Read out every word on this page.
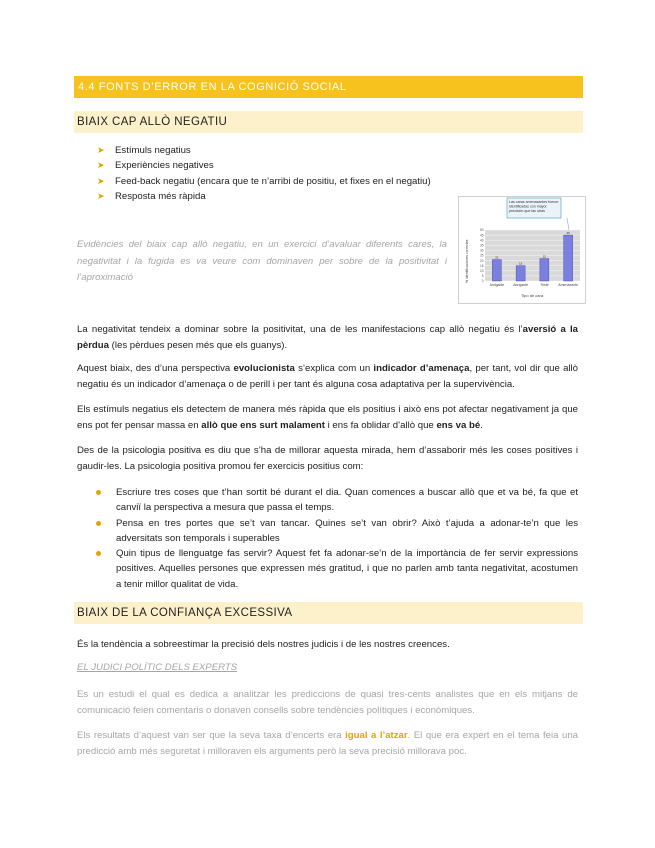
4.4 FONTS D’ERROR EN LA COGNICIÓ SOCIAL
BIAIX CAP ALLÒ NEGATIU
➤ Estímuls negatius
➤ Experiències negatives
➤ Feed-back negatiu (encara que te n’arribi de positiu, et fixes en el negatiu)
➤ Resposta més ràpida

Evidències del biaix cap allò negatiu, en un exercici d’avaluar diferents cares, la negativitat i la fugida es va veure com dominaven per sobre de la positivitat i l’aproximació

Las caras amenazantes fueron identificadas con mayor precisión que las otras
0
5
10
15
20
25
30
35
40
45
50
21
15
22
45
Amigable	Abrigante	Triste	Amenazante
% identificaciones correctas
Tipo de cara

La negativitat tendeix a dominar sobre la positivitat, una de les manifestacions cap allò negatiu és l’aversió a la pèrdua (les pèrdues pesen més que els guanys).

Aquest biaix, des d’una perspectiva evolucionista s’explica com un indicador d’amenaça, per tant, vol dir que allò negatiu és un indicador d’amenaça o de perill i per tant és alguna cosa adaptativa per la supervivència.

Els estímuls negatius els detectem de manera més ràpida que els positius i això ens pot afectar negativament ja que ens pot fer pensar massa en allò que ens surt malament i ens fa oblidar d’allò que ens va bé.

Des de la psicologia positiva es diu que s’ha de millorar aquesta mirada, hem d’assaborir més les coses positives i gaudir-les. La psicologia positiva promou fer exercicis positius com:

Escriure tres coses que t’han sortit bé durant el dia. Quan comences a buscar allò que et va bé, fa que et canviï la perspectiva a mesura que passa el temps.
Pensa en tres portes que se’t van tancar. Quines se’t van obrir? Això t’ajuda a adonar-te’n que les adversitats son temporals i superables
Quin tipus de llenguatge fas servir? Aquest fet fa adonar-se’n de la importància de fer servir expressions positives. Aquelles persones que expressen més gratitud, i que no parlen amb tanta negativitat, acostumen a tenir millor qualitat de vida.
BIAIX DE LA CONFIANÇA EXCESSIVA

És la tendència a sobreestimar la precisió dels nostres judicis i de les nostres creences.

EL JUDICI POLÍTIC DELS EXPERTS

Es un estudi el qual es dedica a analitzar les prediccions de quasi tres-cents analistes que en els mitjans de comunicació feien comentaris o donaven consells sobre tendències polítiques i econòmiques.

Els resultats d’aquest van ser que la seva taxa d’encerts era igual a l’atzar. El que era expert en el tema feia una predicció amb més seguretat i milloraven els arguments però la seva precisió millorava poc.
